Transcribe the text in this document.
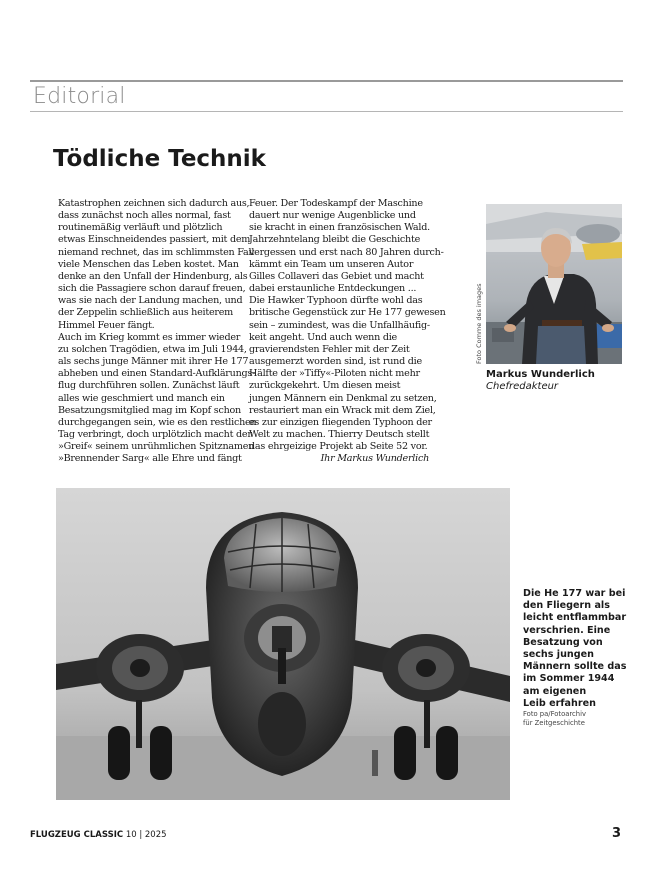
Editorial
Tödliche Technik
Katastrophen zeichnen sich dadurch aus,
dass zunächst noch alles normal, fast
routinemäßig verläuft und plötzlich
etwas Einschneidendes passiert, mit dem
niemand rechnet, das im schlimmsten Fall
viele Menschen das Leben kostet. Man
denke an den Unfall der Hindenburg, als
sich die Passagiere schon darauf freuen,
was sie nach der Landung machen, und
der Zeppelin schließlich aus heiterem
Himmel Feuer fängt.
Auch im Krieg kommt es immer wieder
zu solchen Tragödien, etwa im Juli 1944,
als sechs junge Männer mit ihrer He 177
abheben und einen Standard-Aufklärungs-
flug durchführen sollen. Zunächst läuft
alles wie geschmiert und manch ein
Besatzungsmitglied mag im Kopf schon
durchgegangen sein, wie es den restlichen
Tag verbringt, doch urplötzlich macht der
»Greif« seinem unrühmlichen Spitznamen
»Brennender Sarg« alle Ehre und fängt
Feuer. Der Todeskampf der Maschine
dauert nur wenige Augenblicke und
sie kracht in einen französischen Wald.
Jahrzehntelang bleibt die Geschichte
vergessen und erst nach 80 Jahren durch-
kämmt ein Team um unseren Autor
Gilles Collaveri das Gebiet und macht
dabei erstaunliche Entdeckungen ...
Die Hawker Typhoon dürfte wohl das
britische Gegenstück zur He 177 gewesen
sein – zumindest, was die Unfallhäufig-
keit angeht. Und auch wenn die
gravierendsten Fehler mit der Zeit
ausgemerzt worden sind, ist rund die
Hälfte der »Tiffy«-Piloten nicht mehr
zurückgekehrt. Um diesen meist
jungen Männern ein Denkmal zu setzen,
restauriert man ein Wrack mit dem Ziel,
es zur einzigen fliegenden Typhoon der
Welt zu machen. Thierry Deutsch stellt
das ehrgeizige Projekt ab Seite 52 vor.
Ihr Markus Wunderlich
Foto Comme des images
Markus Wunderlich
Chefredakteur
Die He 177 war bei
den Fliegern als
leicht entflammbar
verschrien. Eine
Besatzung von
sechs jungen
Männern sollte das
im Sommer 1944
am eigenen
Leib erfahren
Foto pa/Fotoarchiv
für Zeitgeschichte
FLUGZEUG CLASSIC 10 | 2025	3
